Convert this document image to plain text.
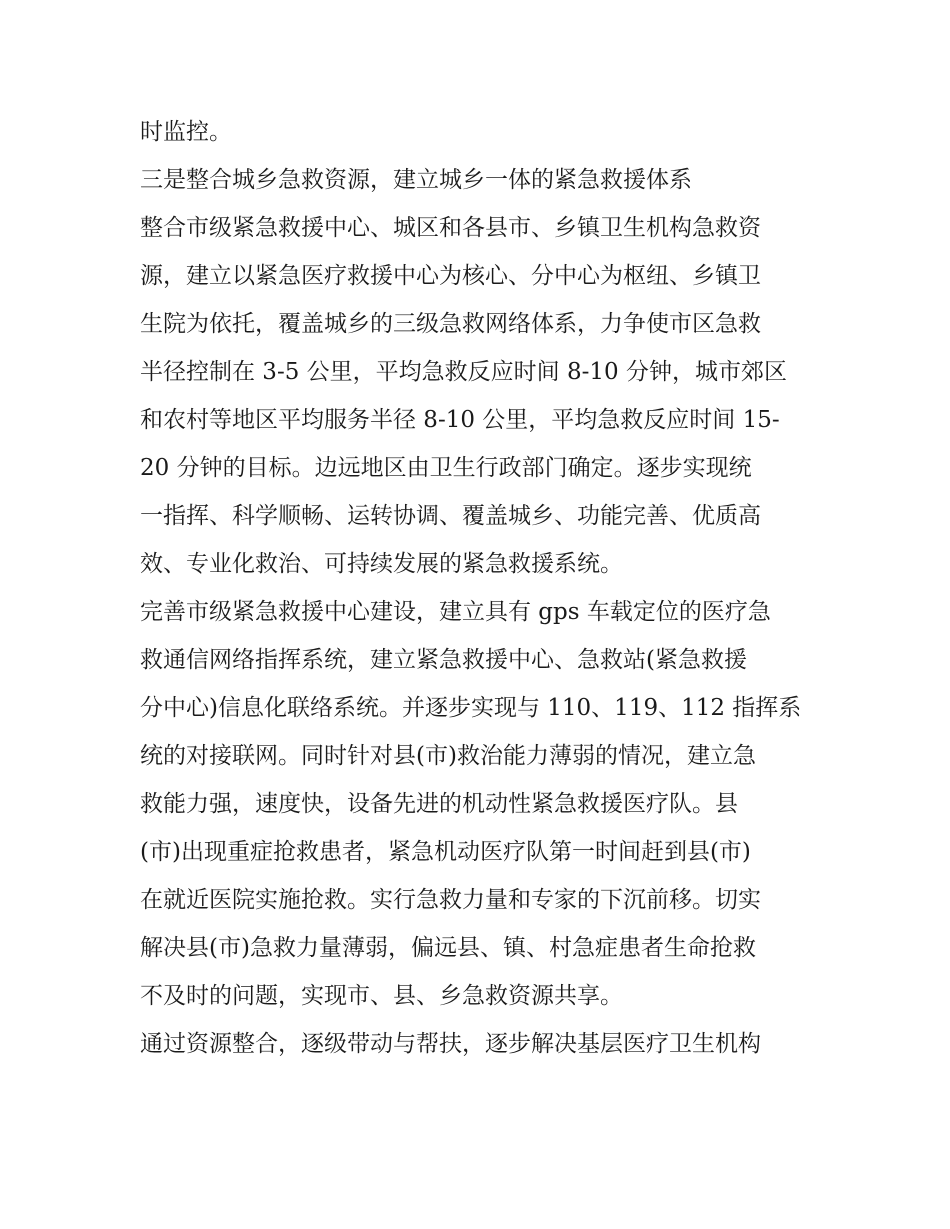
时监控。
三是整合城乡急救资源，建立城乡一体的紧急救援体系
整合市级紧急救援中心、城区和各县市、乡镇卫生机构急救资
源，建立以紧急医疗救援中心为核心、分中心为枢纽、乡镇卫
生院为依托，覆盖城乡的三级急救网络体系，力争使市区急救
半径控制在 3-5 公里，平均急救反应时间 8-10 分钟，城市郊区
和农村等地区平均服务半径 8-10 公里，平均急救反应时间 15-
20 分钟的目标。边远地区由卫生行政部门确定。逐步实现统
一指挥、科学顺畅、运转协调、覆盖城乡、功能完善、优质高
效、专业化救治、可持续发展的紧急救援系统。
完善市级紧急救援中心建设，建立具有 gps 车载定位的医疗急
救通信网络指挥系统，建立紧急救援中心、急救站(紧急救援
分中心)信息化联络系统。并逐步实现与 110、119、112 指挥系
统的对接联网。同时针对县(市)救治能力薄弱的情况，建立急
救能力强，速度快，设备先进的机动性紧急救援医疗队。县
(市)出现重症抢救患者，紧急机动医疗队第一时间赶到县(市)
在就近医院实施抢救。实行急救力量和专家的下沉前移。切实
解决县(市)急救力量薄弱，偏远县、镇、村急症患者生命抢救
不及时的问题，实现市、县、乡急救资源共享。
通过资源整合，逐级带动与帮扶，逐步解决基层医疗卫生机构
